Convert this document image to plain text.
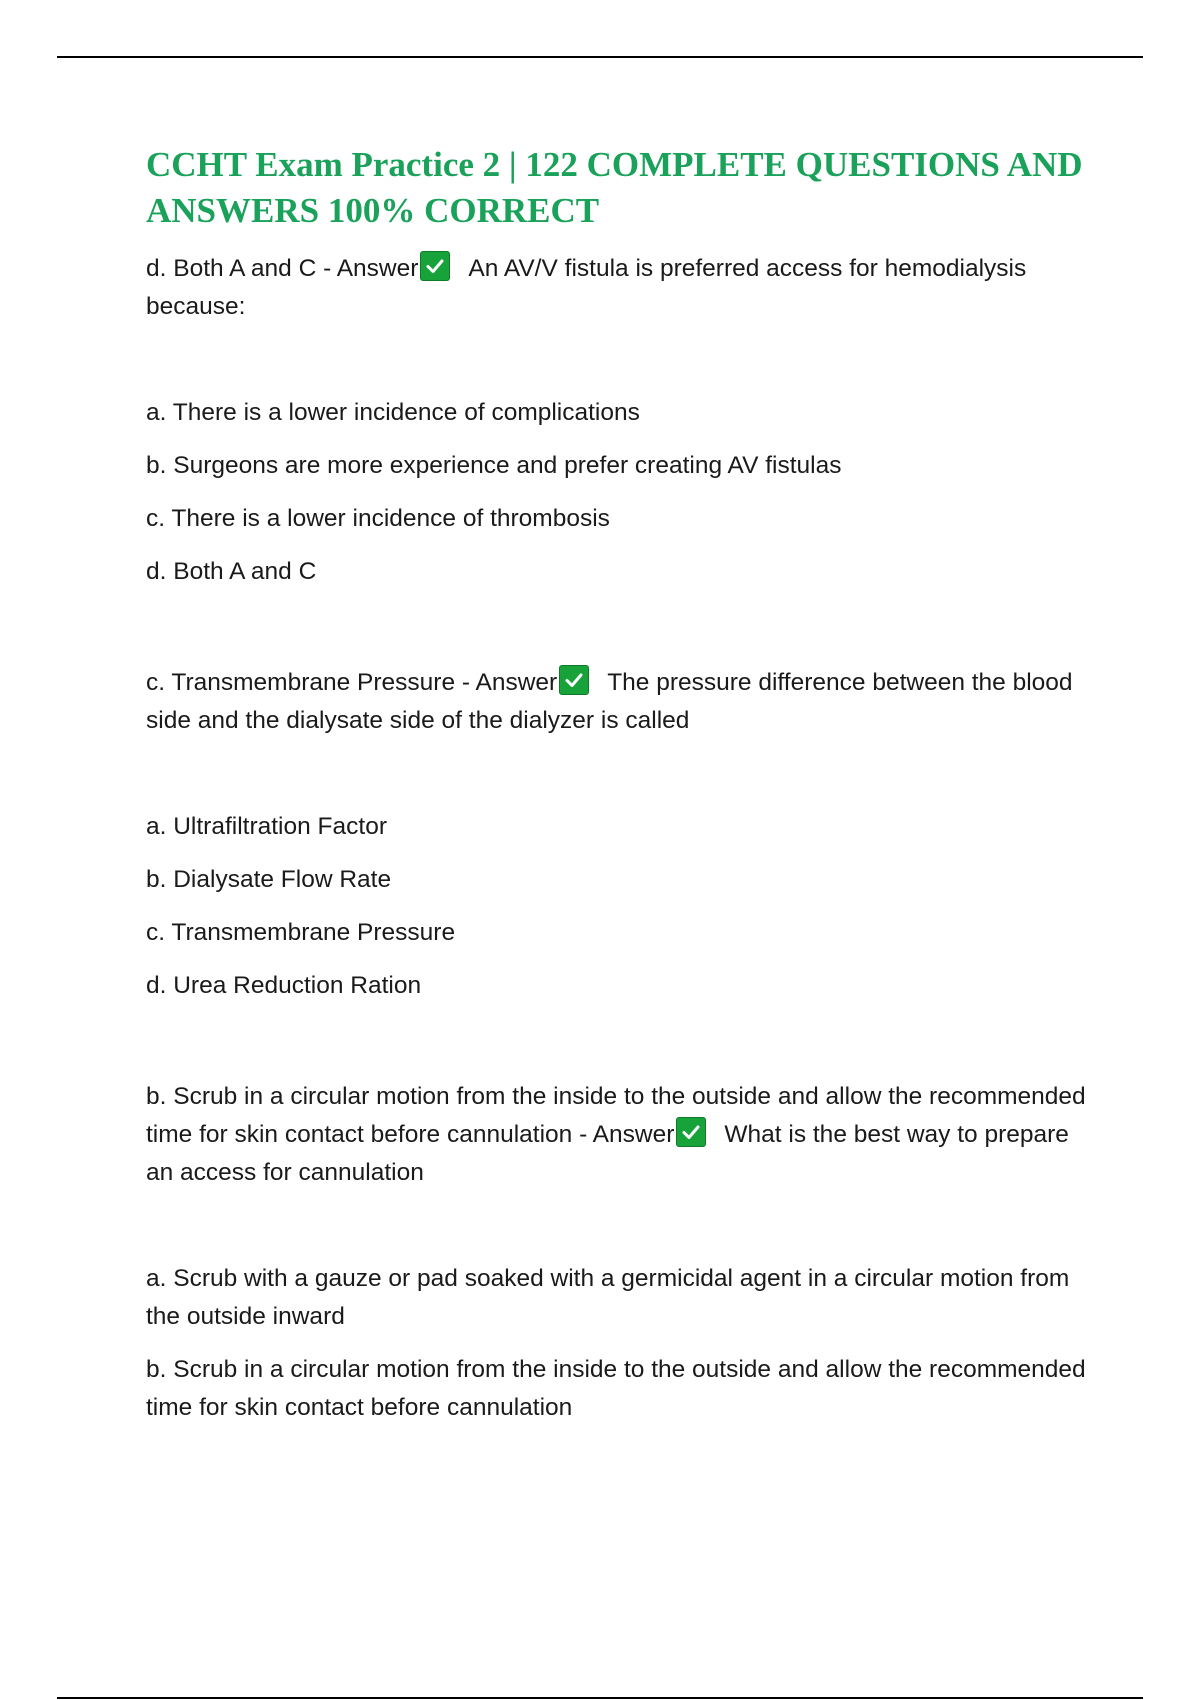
CCHT Exam Practice 2 | 122 COMPLETE QUESTIONS AND ANSWERS 100% CORRECT

d. Both A and C - Answer An AV/V fistula is preferred access for hemodialysis because:

a. There is a lower incidence of complications

b. Surgeons are more experience and prefer creating AV fistulas

c. There is a lower incidence of thrombosis

d. Both A and C

c. Transmembrane Pressure - Answer The pressure difference between the blood side and the dialysate side of the dialyzer is called

a. Ultrafiltration Factor

b. Dialysate Flow Rate

c. Transmembrane Pressure

d. Urea Reduction Ration

b. Scrub in a circular motion from the inside to the outside and allow the recommended time for skin contact before cannulation - Answer What is the best way to prepare an access for cannulation

a. Scrub with a gauze or pad soaked with a germicidal agent in a circular motion from the outside inward

b. Scrub in a circular motion from the inside to the outside and allow the recommended time for skin contact before cannulation
